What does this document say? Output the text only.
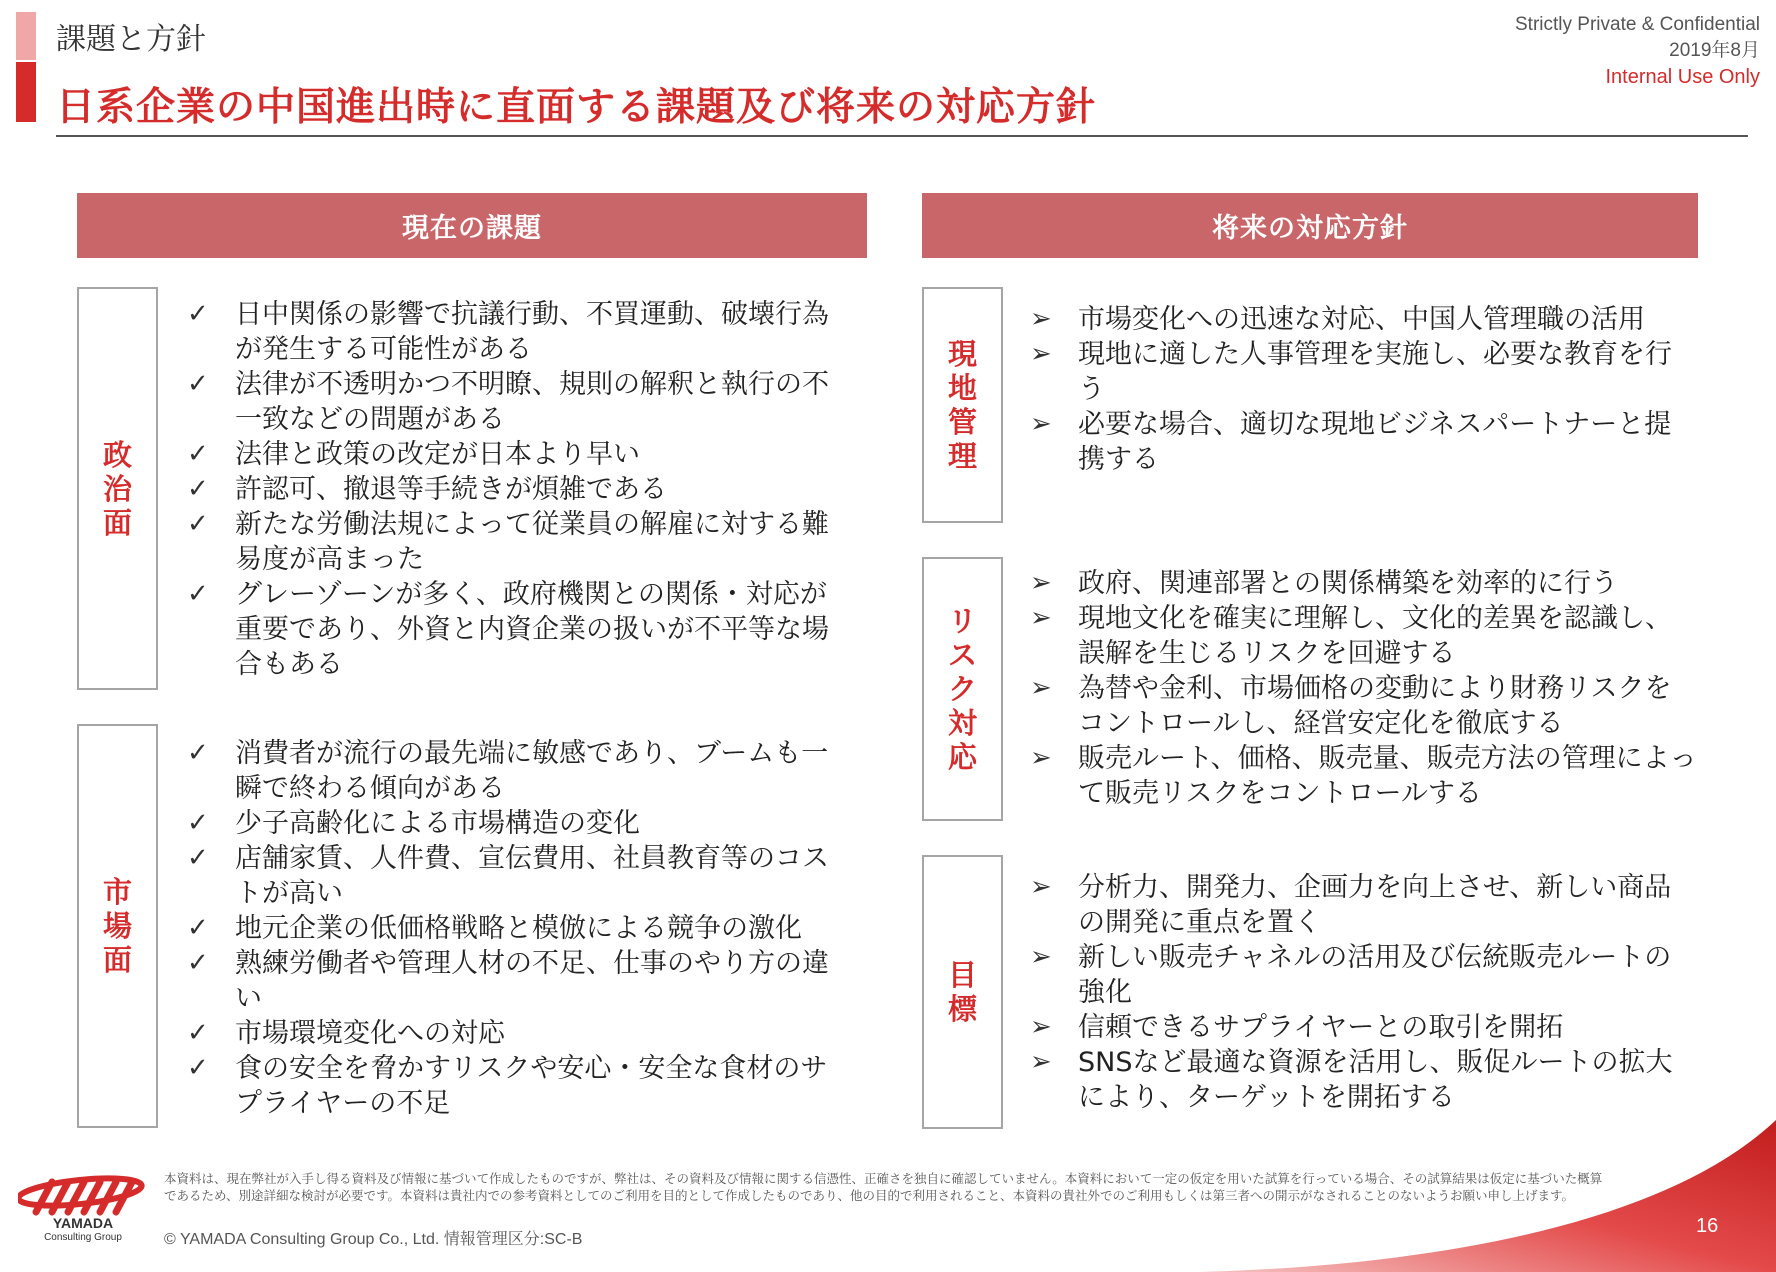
課題と方針
日系企業の中国進出時に直面する課題及び将来の対応方針
Strictly Private & Confidential
2019年8月
Internal Use Only
現在の課題	将来の対応方針
政
治
面
市
場
面
現
地
管
理
リ
ス
ク
対
応
目
標
✓ 日中関係の影響で抗議行動、不買運動、破壊行為が発生する可能性がある
✓ 法律が不透明かつ不明瞭、規則の解釈と執行の不一致などの問題がある
✓ 法律と政策の改定が日本より早い
✓ 許認可、撤退等手続きが煩雑である
✓ 新たな労働法規によって従業員の解雇に対する難易度が高まった
✓ グレーゾーンが多く、政府機関との関係・対応が重要であり、外資と内資企業の扱いが不平等な場合もある
✓ 消費者が流行の最先端に敏感であり、ブームも一瞬で終わる傾向がある
✓ 少子高齢化による市場構造の変化
✓ 店舗家賃、人件費、宣伝費用、社員教育等のコストが高い
✓ 地元企業の低価格戦略と模倣による競争の激化
✓ 熟練労働者や管理人材の不足、仕事のやり方の違い
✓ 市場環境変化への対応
✓ 食の安全を脅かすリスクや安心・安全な食材のサプライヤーの不足
➢ 市場変化への迅速な対応、中国人管理職の活用
➢ 現地に適した人事管理を実施し、必要な教育を行う
➢ 必要な場合、適切な現地ビジネスパートナーと提携する
➢ 政府、関連部署との関係構築を効率的に行う
➢ 現地文化を確実に理解し、文化的差異を認識し、誤解を生じるリスクを回避する
➢ 為替や金利、市場価格の変動により財務リスクをコントロールし、経営安定化を徹底する
➢ 販売ルート、価格、販売量、販売方法の管理によって販売リスクをコントロールする
➢ 分析力、開発力、企画力を向上させ、新しい商品の開発に重点を置く
➢ 新しい販売チャネルの活用及び伝統販売ルートの強化
➢ 信頼できるサプライヤーとの取引を開拓
➢ SNSなど最適な資源を活用し、販促ルートの拡大により、ターゲットを開拓する
YAMADA
Consulting Group
本資料は、現在弊社が入手し得る資料及び情報に基づいて作成したものですが、弊社は、その資料及び情報に関する信憑性、正確さを独自に確認していません。本資料において一定の仮定を用いた試算を行っている場合、その試算結果は仮定に基づいた概算であるため、別途詳細な検討が必要です。本資料は貴社内での参考資料としてのご利用を目的として作成したものであり、他の目的で利用されること、本資料の貴社外でのご利用もしくは第三者への開示がなされることのないようお願い申し上げます。
© YAMADA Consulting Group Co., Ltd. 情報管理区分:SC-B
16
